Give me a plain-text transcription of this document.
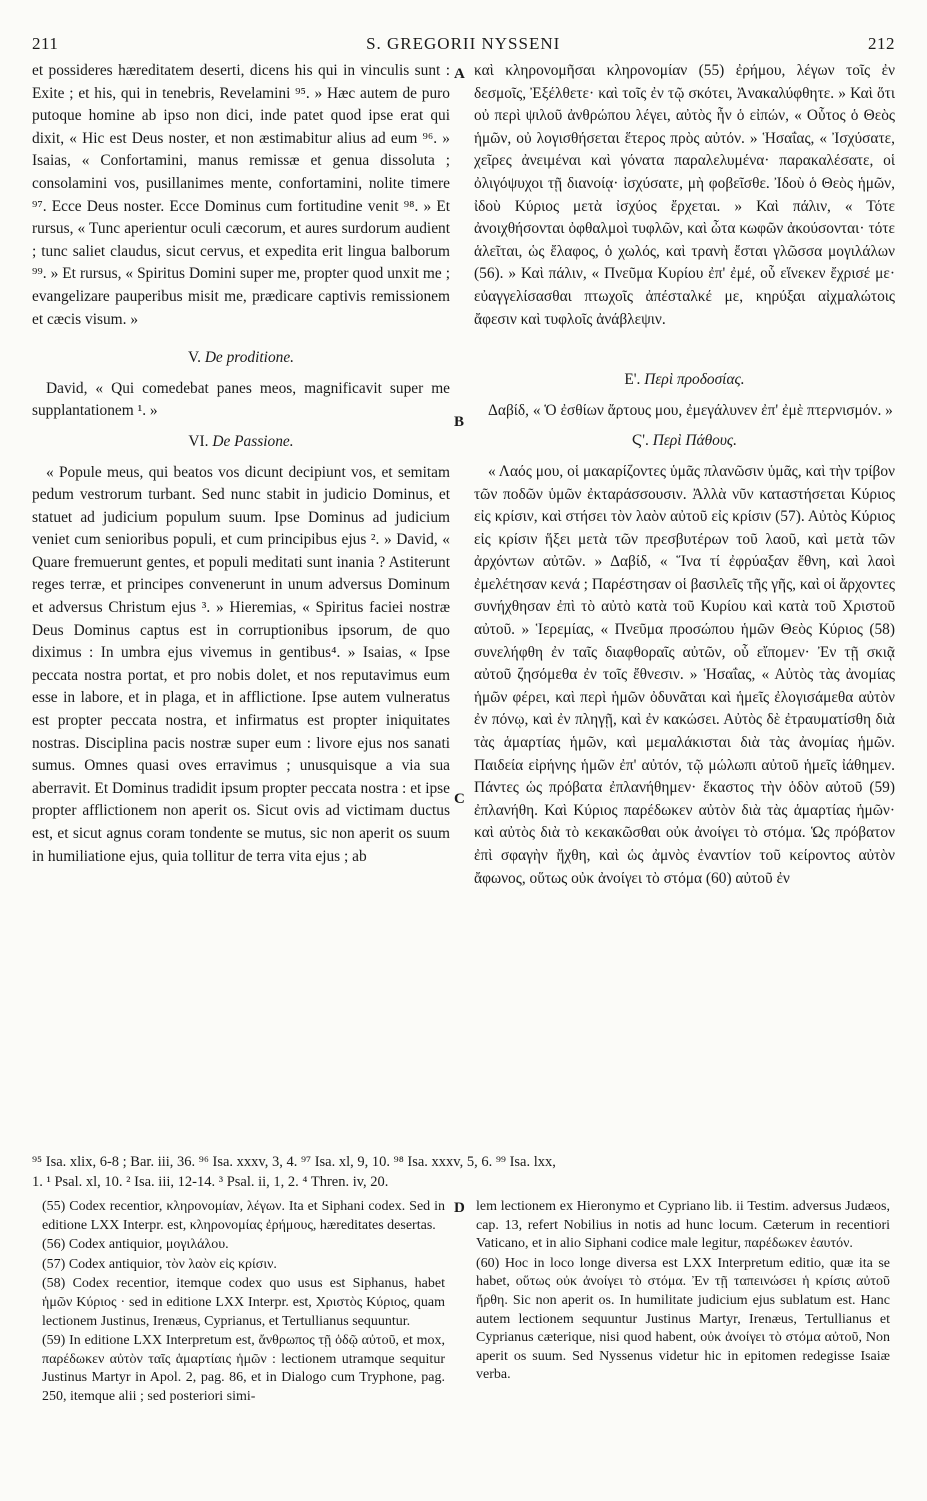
211	S. GREGORII NYSSENI	212
A
B
C
D

et possideres hæreditatem deserti, dicens his qui in vinculis sunt : Exite ; et his, qui in tenebris, Revelamini ⁹⁵. » Hæc autem de puro putoque homine ab ipso non dici, inde patet quod ipse erat qui dixit, « Hic est Deus noster, et non æstimabitur alius ad eum ⁹⁶. » Isaias, « Confortamini, manus remissæ et genua dissoluta ; consolamini vos, pusillanimes mente, confortamini, nolite timere ⁹⁷. Ecce Deus noster. Ecce Dominus cum fortitudine venit ⁹⁸. » Et rursus, « Tunc aperientur oculi cæcorum, et aures surdorum audient ; tunc saliet claudus, sicut cervus, et expedita erit lingua balborum ⁹⁹. » Et rursus, « Spiritus Domini super me, propter quod unxit me ; evangelizare pauperibus misit me, prædicare captivis remissionem et cæcis visum. »

V. De proditione.

David, « Qui comedebat panes meos, magnificavit super me supplantationem ¹. »

VI. De Passione.

« Popule meus, qui beatos vos dicunt decipiunt vos, et semitam pedum vestrorum turbant. Sed nunc stabit in judicio Dominus, et statuet ad judicium populum suum. Ipse Dominus ad judicium veniet cum senioribus populi, et cum principibus ejus ². » David, « Quare fremuerunt gentes, et populi meditati sunt inania ? Astiterunt reges terræ, et principes convenerunt in unum adversus Dominum et adversus Christum ejus ³. » Hieremias, « Spiritus faciei nostræ Deus Dominus captus est in corruptionibus ipsorum, de quo diximus : In umbra ejus vivemus in gentibus⁴. » Isaias, « Ipse peccata nostra portat, et pro nobis dolet, et nos reputavimus eum esse in labore, et in plaga, et in afflictione. Ipse autem vulneratus est propter peccata nostra, et infirmatus est propter iniquitates nostras. Disciplina pacis nostræ super eum : livore ejus nos sanati sumus. Omnes quasi oves erravimus ; unusquisque a via sua aberravit. Et Dominus tradidit ipsum propter peccata nostra : et ipse propter afflictionem non aperit os. Sicut ovis ad victimam ductus est, et sicut agnus coram tondente se mutus, sic non aperit os suum in humiliatione ejus, quia tollitur de terra vita ejus ; ab

καὶ κληρονομῆσαι κληρονομίαν (55) ἐρήμου, λέγων τοῖς ἐν δεσμοῖς, Ἐξέλθετε· καὶ τοῖς ἐν τῷ σκότει, Ἀνακαλύφθητε. » Καὶ ὅτι οὐ περὶ ψιλοῦ ἀνθρώπου λέγει, αὐτὸς ἦν ὁ εἰπών, « Οὗτος ὁ Θεὸς ἡμῶν, οὐ λογισθήσεται ἕτερος πρὸς αὐτόν. » Ἡσαΐας, « Ἰσχύσατε, χεῖρες ἀνειμέναι καὶ γόνατα παραλελυμένα· παρακαλέσατε, οἱ ὀλιγόψυχοι τῇ διανοίᾳ· ἰσχύσατε, μὴ φοβεῖσθε. Ἰδοὺ ὁ Θεὸς ἡμῶν, ἰδοὺ Κύριος μετὰ ἰσχύος ἔρχεται. » Καὶ πάλιν, « Τότε ἀνοιχθήσονται ὀφθαλμοὶ τυφλῶν, καὶ ὦτα κωφῶν ἀκούσονται· τότε ἁλεῖται, ὡς ἔλαφος, ὁ χωλός, καὶ τρανὴ ἔσται γλῶσσα μογιλάλων (56). » Καὶ πάλιν, « Πνεῦμα Κυρίου ἐπ' ἐμέ, οὗ εἵνεκεν ἔχρισέ με· εὐαγγελίσασθαι πτωχοῖς ἀπέσταλκέ με, κηρύξαι αἰχμαλώτοις ἄφεσιν καὶ τυφλοῖς ἀνάβλεψιν.

Ε'. Περὶ προδοσίας.

Δαβίδ, « Ὁ ἐσθίων ἄρτους μου, ἐμεγάλυνεν ἐπ' ἐμὲ πτερνισμόν. »

Ϛ'. Περὶ Πάθους.

« Λαός μου, οἱ μακαρίζοντες ὑμᾶς πλανῶσιν ὑμᾶς, καὶ τὴν τρίβον τῶν ποδῶν ὑμῶν ἐκταράσσουσιν. Ἀλλὰ νῦν καταστήσεται Κύριος εἰς κρίσιν, καὶ στήσει τὸν λαὸν αὐτοῦ εἰς κρίσιν (57). Αὐτὸς Κύριος εἰς κρίσιν ἥξει μετὰ τῶν πρεσβυτέρων τοῦ λαοῦ, καὶ μετὰ τῶν ἀρχόντων αὐτῶν. » Δαβίδ, « Ἵνα τί ἐφρύαξαν ἔθνη, καὶ λαοὶ ἐμελέτησαν κενά ; Παρέστησαν οἱ βασιλεῖς τῆς γῆς, καὶ οἱ ἄρχοντες συνήχθησαν ἐπὶ τὸ αὐτὸ κατὰ τοῦ Κυρίου καὶ κατὰ τοῦ Χριστοῦ αὐτοῦ. » Ἱερεμίας, « Πνεῦμα προσώπου ἡμῶν Θεὸς Κύριος (58) συνελήφθη ἐν ταῖς διαφθοραῖς αὐτῶν, οὗ εἴπομεν· Ἐν τῇ σκιᾷ αὐτοῦ ζησόμεθα ἐν τοῖς ἔθνεσιν. » Ἡσαΐας, « Αὐτὸς τὰς ἀνομίας ἡμῶν φέρει, καὶ περὶ ἡμῶν ὀδυνᾶται καὶ ἡμεῖς ἐλογισάμεθα αὐτὸν ἐν πόνῳ, καὶ ἐν πληγῇ, καὶ ἐν κακώσει. Αὐτὸς δὲ ἐτραυματίσθη διὰ τὰς ἁμαρτίας ἡμῶν, καὶ μεμαλάκισται διὰ τὰς ἀνομίας ἡμῶν. Παιδεία εἰρήνης ἡμῶν ἐπ' αὐτόν, τῷ μώλωπι αὐτοῦ ἡμεῖς ἰάθημεν. Πάντες ὡς πρόβατα ἐπλανήθημεν· ἕκαστος τὴν ὁδὸν αὐτοῦ (59) ἐπλανήθη. Καὶ Κύριος παρέδωκεν αὐτὸν διὰ τὰς ἁμαρτίας ἡμῶν· καὶ αὐτὸς διὰ τὸ κεκακῶσθαι οὐκ ἀνοίγει τὸ στόμα. Ὡς πρόβατον ἐπὶ σφαγὴν ἤχθη, καὶ ὡς ἀμνὸς ἐναντίον τοῦ κείροντος αὐτὸν ἄφωνος, οὕτως οὐκ ἀνοίγει τὸ στόμα (60) αὐτοῦ ἐν

⁹⁵ Isa. xlix, 6-8 ; Bar. iii, 36. ⁹⁶ Isa. xxxv, 3, 4. ⁹⁷ Isa. xl, 9, 10. ⁹⁸ Isa. xxxv, 5, 6. ⁹⁹ Isa. lxx,
1. ¹ Psal. xl, 10. ² Isa. iii, 12-14. ³ Psal. ii, 1, 2. ⁴ Thren. iv, 20.

(55) Codex recentior, κληρονομίαν, λέγων. Ita et Siphani codex. Sed in editione LXX Interpr. est, κληρονομίας ἐρήμους, hæreditates desertas.

(56) Codex antiquior, μογιλάλου.

(57) Codex antiquior, τὸν λαὸν εἰς κρίσιν.

(58) Codex recentior, itemque codex quo usus est Siphanus, habet ἡμῶν Κύριος · sed in editione LXX Interpr. est, Χριστὸς Κύριος, quam lectionem Justinus, Irenæus, Cyprianus, et Tertullianus sequuntur.

(59) In editione LXX Interpretum est, ἄνθρωπος τῇ ὁδῷ αὐτοῦ, et mox, παρέδωκεν αὐτὸν ταῖς ἁμαρτίαις ἡμῶν : lectionem utramque sequitur Justinus Martyr in Apol. 2, pag. 86, et in Dialogo cum Tryphone, pag. 250, itemque alii ; sed posteriori simi-

lem lectionem ex Hieronymo et Cypriano lib. ii Testim. adversus Judæos, cap. 13, refert Nobilius in notis ad hunc locum. Cæterum in recentiori Vaticano, et in alio Siphani codice male legitur, παρέδωκεν ἑαυτόν.

(60) Hoc in loco longe diversa est LXX Interpretum editio, quæ ita se habet, οὕτως οὐκ ἀνοίγει τὸ στόμα. Ἐν τῇ ταπεινώσει ἡ κρίσις αὐτοῦ ἤρθη. Sic non aperit os. In humilitate judicium ejus sublatum est. Hanc autem lectionem sequuntur Justinus Martyr, Irenæus, Tertullianus et Cyprianus cæterique, nisi quod habent, οὐκ ἀνοίγει τὸ στόμα αὐτοῦ, Non aperit os suum. Sed Nyssenus videtur hic in epitomen redegisse Isaiæ verba.
